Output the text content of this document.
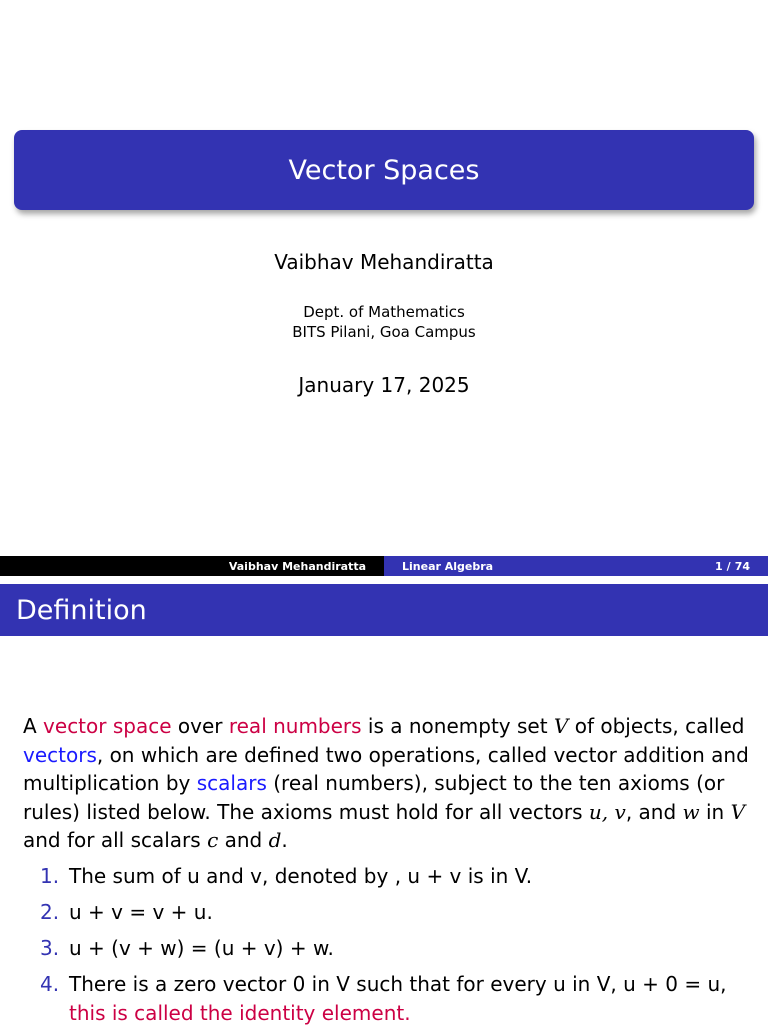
Vector Spaces
Vaibhav Mehandiratta
Dept. of Mathematics
BITS Pilani, Goa Campus
January 17, 2025
Vaibhav Mehandiratta	Linear Algebra	1 / 74
Definition
A vector space over real numbers is a nonempty set V of objects, called vectors, on which are defined two operations, called vector addition and multiplication by scalars (real numbers), subject to the ten axioms (or rules) listed below. The axioms must hold for all vectors u, v, and w in V and for all scalars c and d.
1. The sum of u and v, denoted by , u + v is in V.
2. u + v = v + u.
3. u + (v + w) = (u + v) + w.
4. There is a zero vector 0 in V such that for every u in V, u + 0 = u,
this is called the identity element.
